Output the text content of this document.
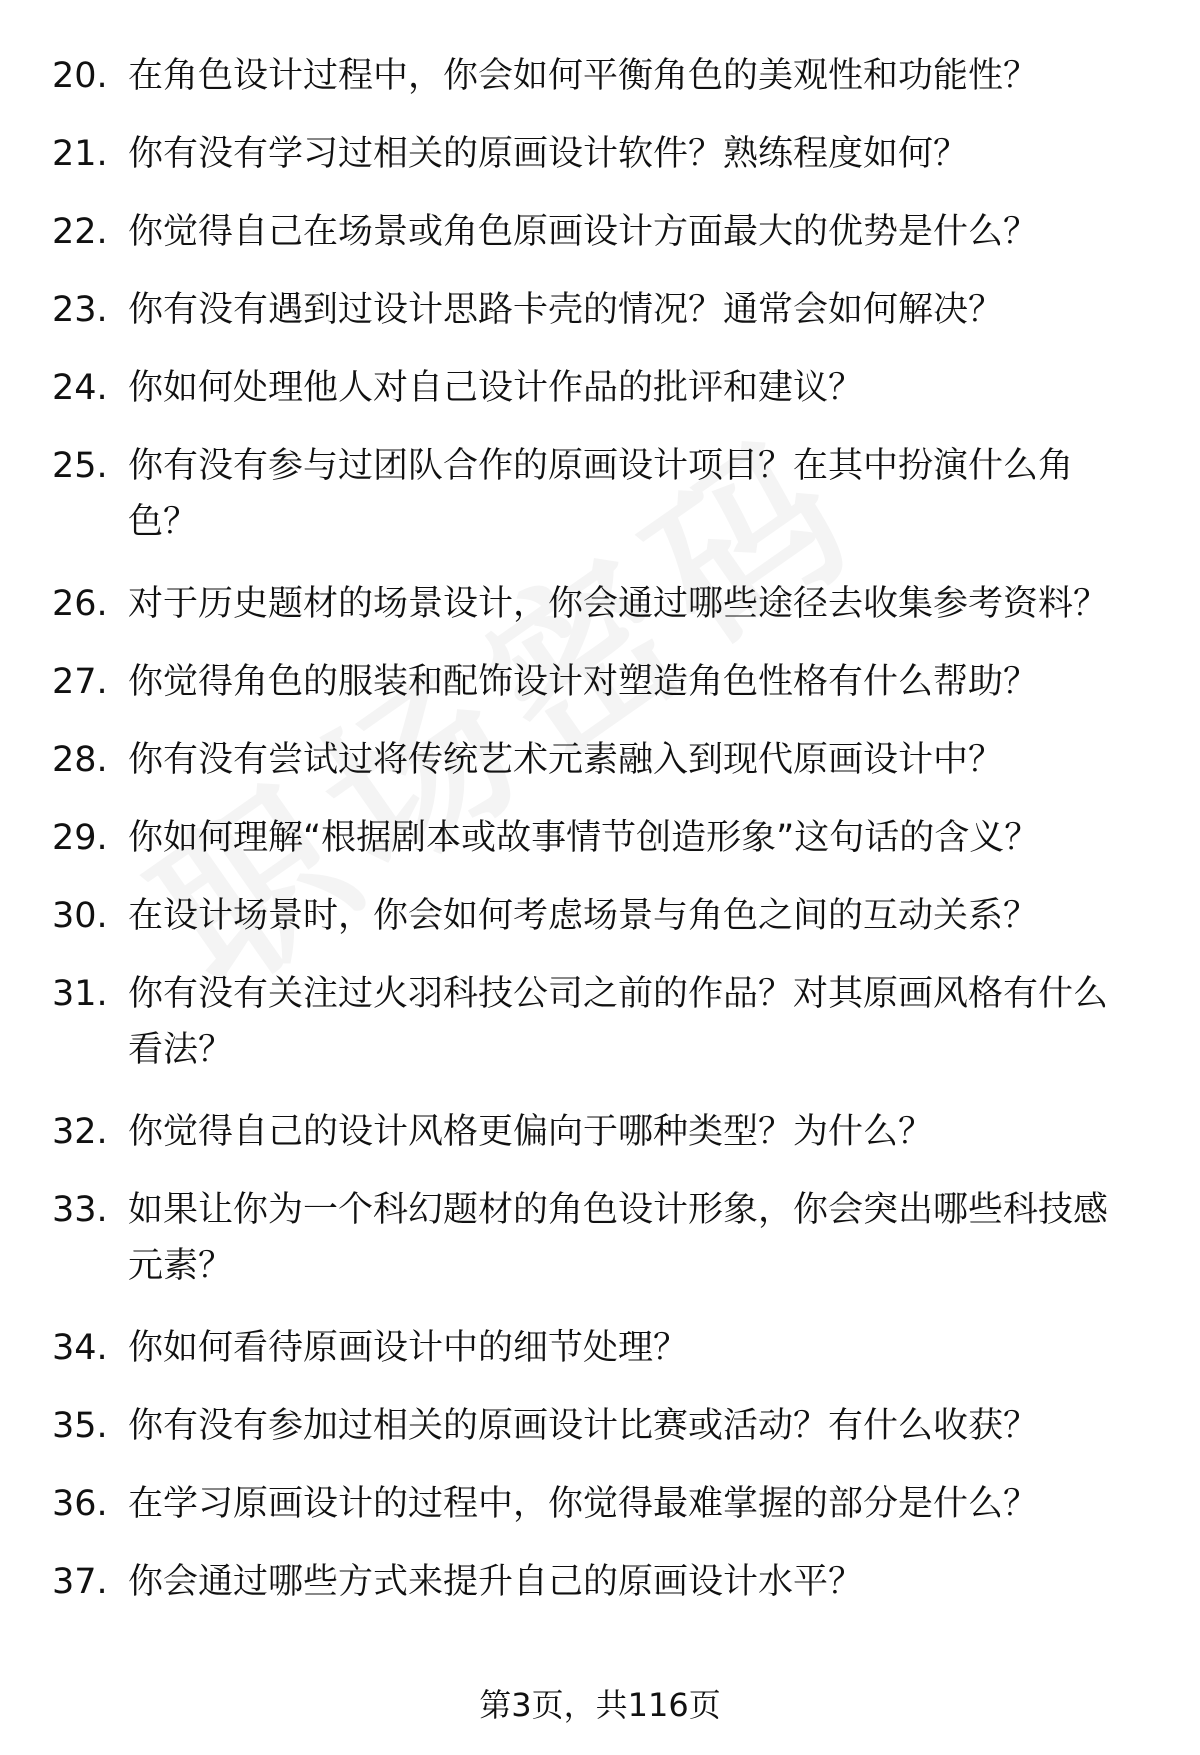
20. 在角色设计过程中，你会如何平衡角色的美观性和功能性？
21. 你有没有学习过相关的原画设计软件？熟练程度如何？
22. 你觉得自己在场景或角色原画设计方面最大的优势是什么？
23. 你有没有遇到过设计思路卡壳的情况？通常会如何解决？
24. 你如何处理他人对自己设计作品的批评和建议？
25. 你有没有参与过团队合作的原画设计项目？在其中扮演什么角色？
26. 对于历史题材的场景设计，你会通过哪些途径去收集参考资料？
27. 你觉得角色的服装和配饰设计对塑造角色性格有什么帮助？
28. 你有没有尝试过将传统艺术元素融入到现代原画设计中？
29. 你如何理解“根据剧本或故事情节创造形象”这句话的含义？
30. 在设计场景时，你会如何考虑场景与角色之间的互动关系？
31. 你有没有关注过火羽科技公司之前的作品？对其原画风格有什么看法？
32. 你觉得自己的设计风格更偏向于哪种类型？为什么？
33. 如果让你为一个科幻题材的角色设计形象，你会突出哪些科技感元素？
34. 你如何看待原画设计中的细节处理？
35. 你有没有参加过相关的原画设计比赛或活动？有什么收获？
36. 在学习原画设计的过程中，你觉得最难掌握的部分是什么？
37. 你会通过哪些方式来提升自己的原画设计水平？
第3页，共116页
